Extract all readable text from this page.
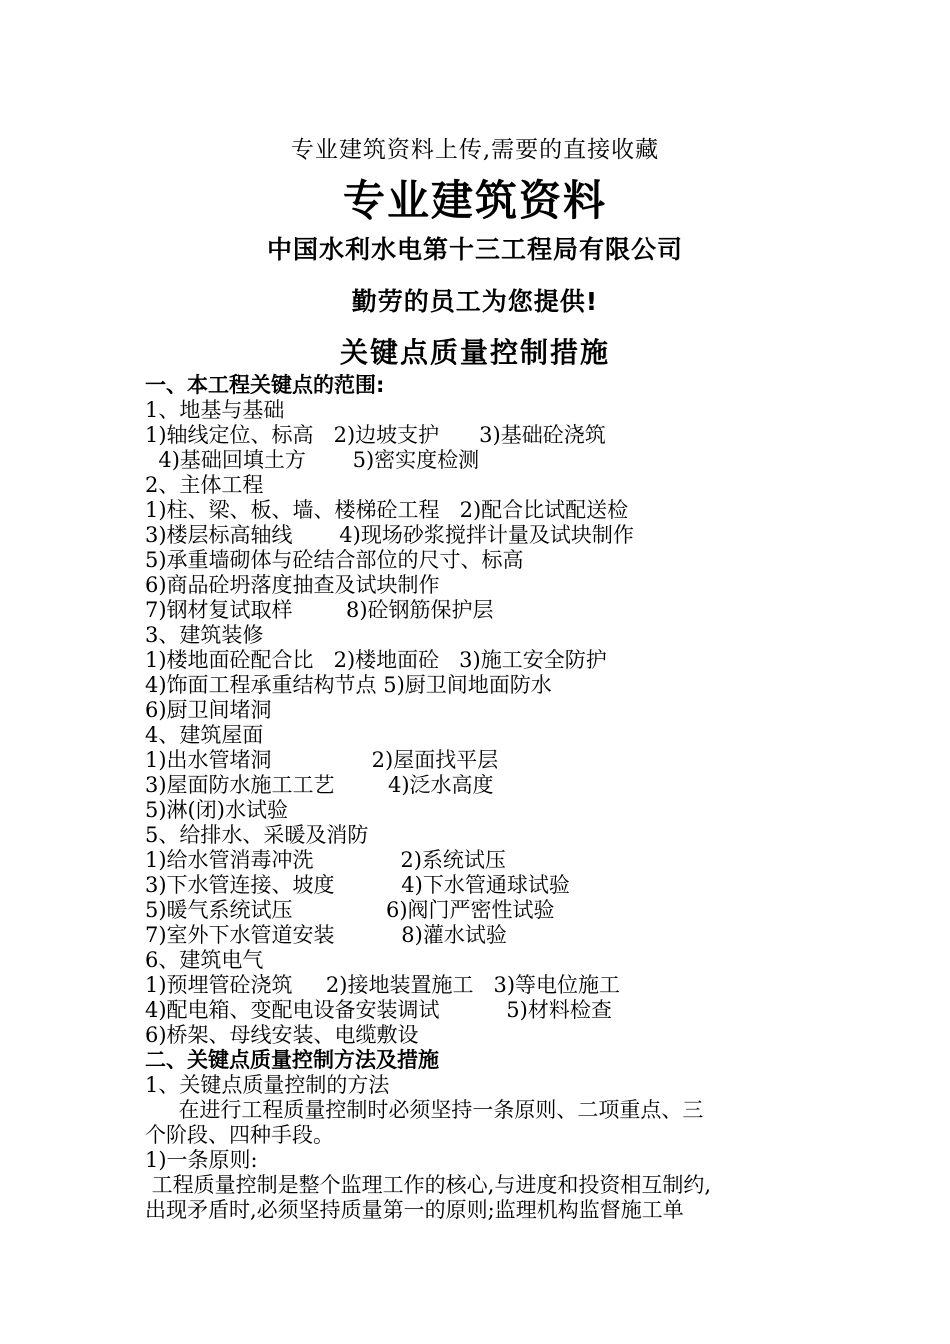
专业建筑资料上传,需要的直接收藏
专业建筑资料
中国水利水电第十三工程局有限公司
勤劳的员工为您提供!
关键点质量控制措施
一、本工程关键点的范围:
1、地基与基础
1)轴线定位、标高   2)边坡支护      3)基础砼浇筑
4)基础回填土方       5)密实度检测
2、主体工程
1)柱、梁、板、墙、楼梯砼工程   2)配合比试配送检
3)楼层标高轴线       4)现场砂浆搅拌计量及试块制作
5)承重墙砌体与砼结合部位的尺寸、标高
6)商品砼坍落度抽查及试块制作
7)钢材复试取样        8)砼钢筋保护层
3、建筑装修
1)楼地面砼配合比   2)楼地面砼   3)施工安全防护
4)饰面工程承重结构节点 5)厨卫间地面防水
6)厨卫间堵洞
4、建筑屋面
1)出水管堵洞               2)屋面找平层
3)屋面防水施工工艺        4)泛水高度
5)淋(闭)水试验
5、给排水、采暖及消防
1)给水管消毒冲洗             2)系统试压
3)下水管连接、坡度          4)下水管通球试验
5)暖气系统试压              6)阀门严密性试验
7)室外下水管道安装          8)灌水试验
6、建筑电气
1)预埋管砼浇筑     2)接地装置施工   3)等电位施工
4)配电箱、变配电设备安装调试          5)材料检查
6)桥架、母线安装、电缆敷设
二、关键点质量控制方法及措施
1、关键点质量控制的方法
在进行工程质量控制时必须坚持一条原则、二项重点、三
个阶段、四种手段。
1)一条原则:
工程质量控制是整个监理工作的核心,与进度和投资相互制约,
出现矛盾时,必须坚持质量第一的原则;监理机构监督施工单
